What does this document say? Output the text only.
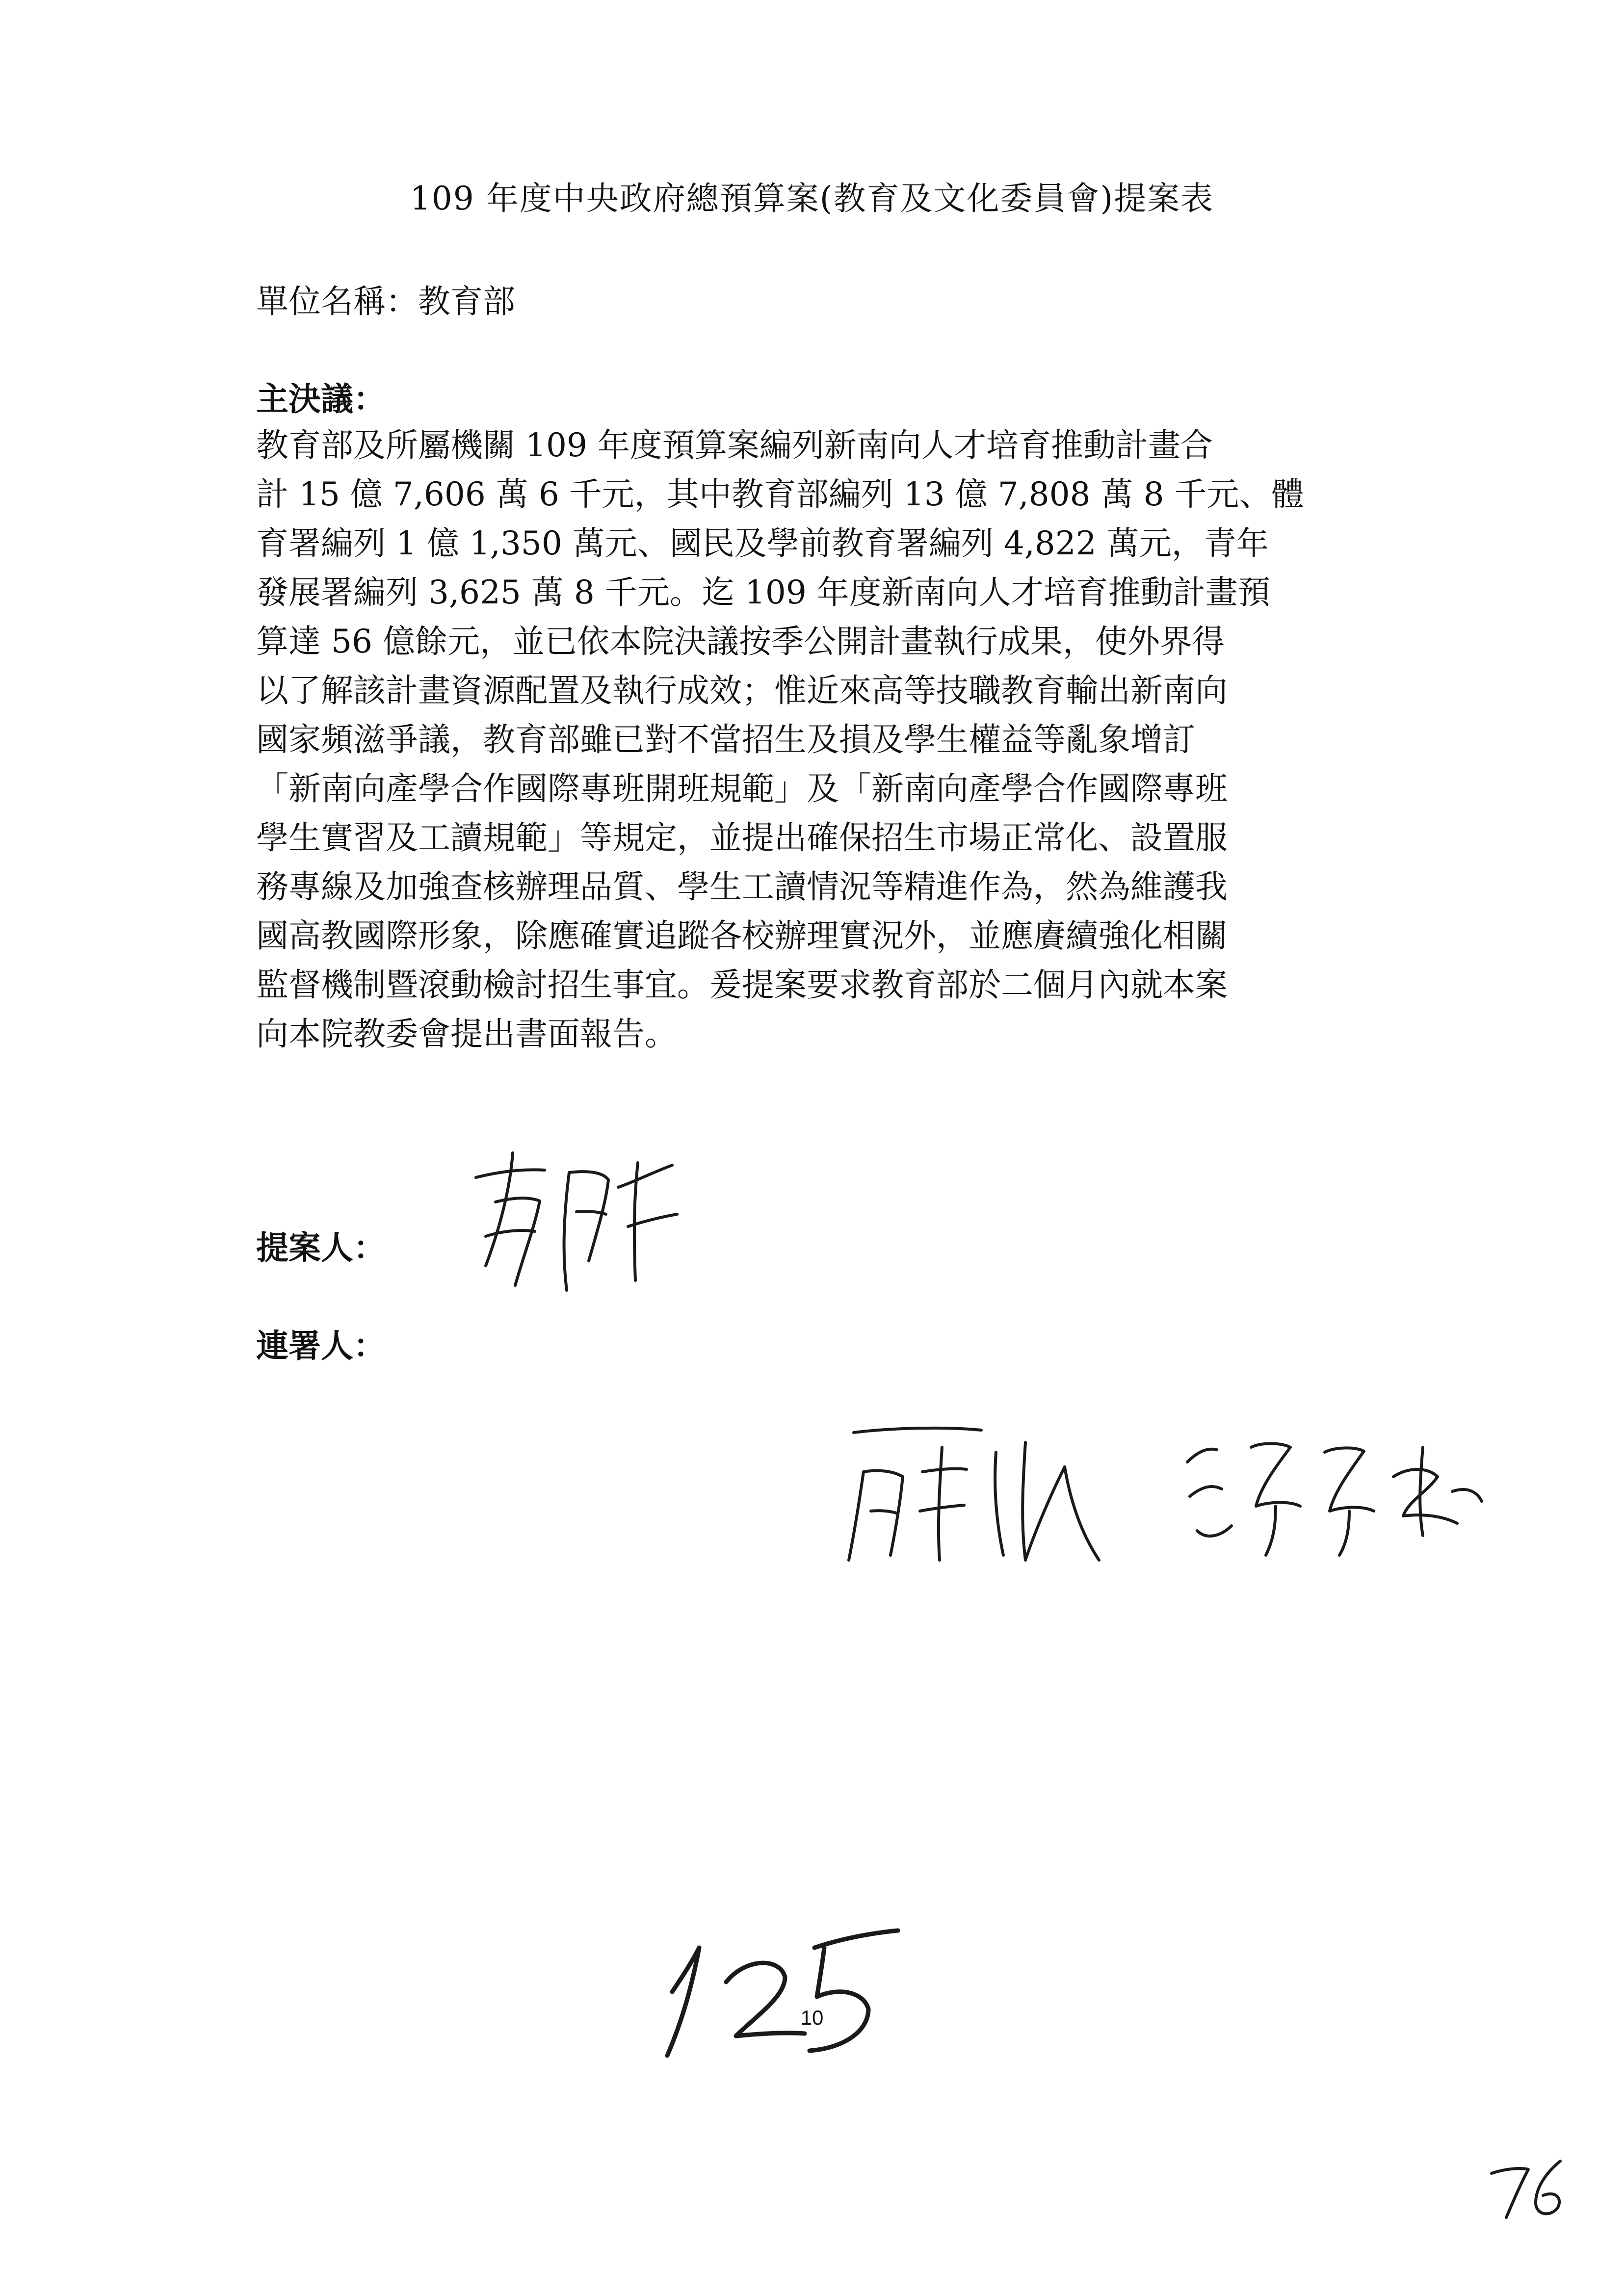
109 年度中央政府總預算案(教育及文化委員會)提案表
單位名稱：教育部
主決議：
教育部及所屬機關 109 年度預算案編列新南向人才培育推動計畫合
計 15 億 7,606 萬 6 千元，其中教育部編列 13 億 7,808 萬 8 千元、體
育署編列 1 億 1,350 萬元、國民及學前教育署編列 4,822 萬元，青年
發展署編列 3,625 萬 8 千元。迄 109 年度新南向人才培育推動計畫預
算達 56 億餘元，並已依本院決議按季公開計畫執行成果，使外界得
以了解該計畫資源配置及執行成效；惟近來高等技職教育輸出新南向
國家頻滋爭議，教育部雖已對不當招生及損及學生權益等亂象增訂
「新南向產學合作國際專班開班規範」及「新南向產學合作國際專班
學生實習及工讀規範」等規定，並提出確保招生市場正常化、設置服
務專線及加強查核辦理品質、學生工讀情況等精進作為，然為維護我
國高教國際形象，除應確實追蹤各校辦理實況外，並應賡續強化相關
監督機制暨滾動檢討招生事宜。爰提案要求教育部於二個月內就本案
向本院教委會提出書面報告。
提案人：
連署人：
10
